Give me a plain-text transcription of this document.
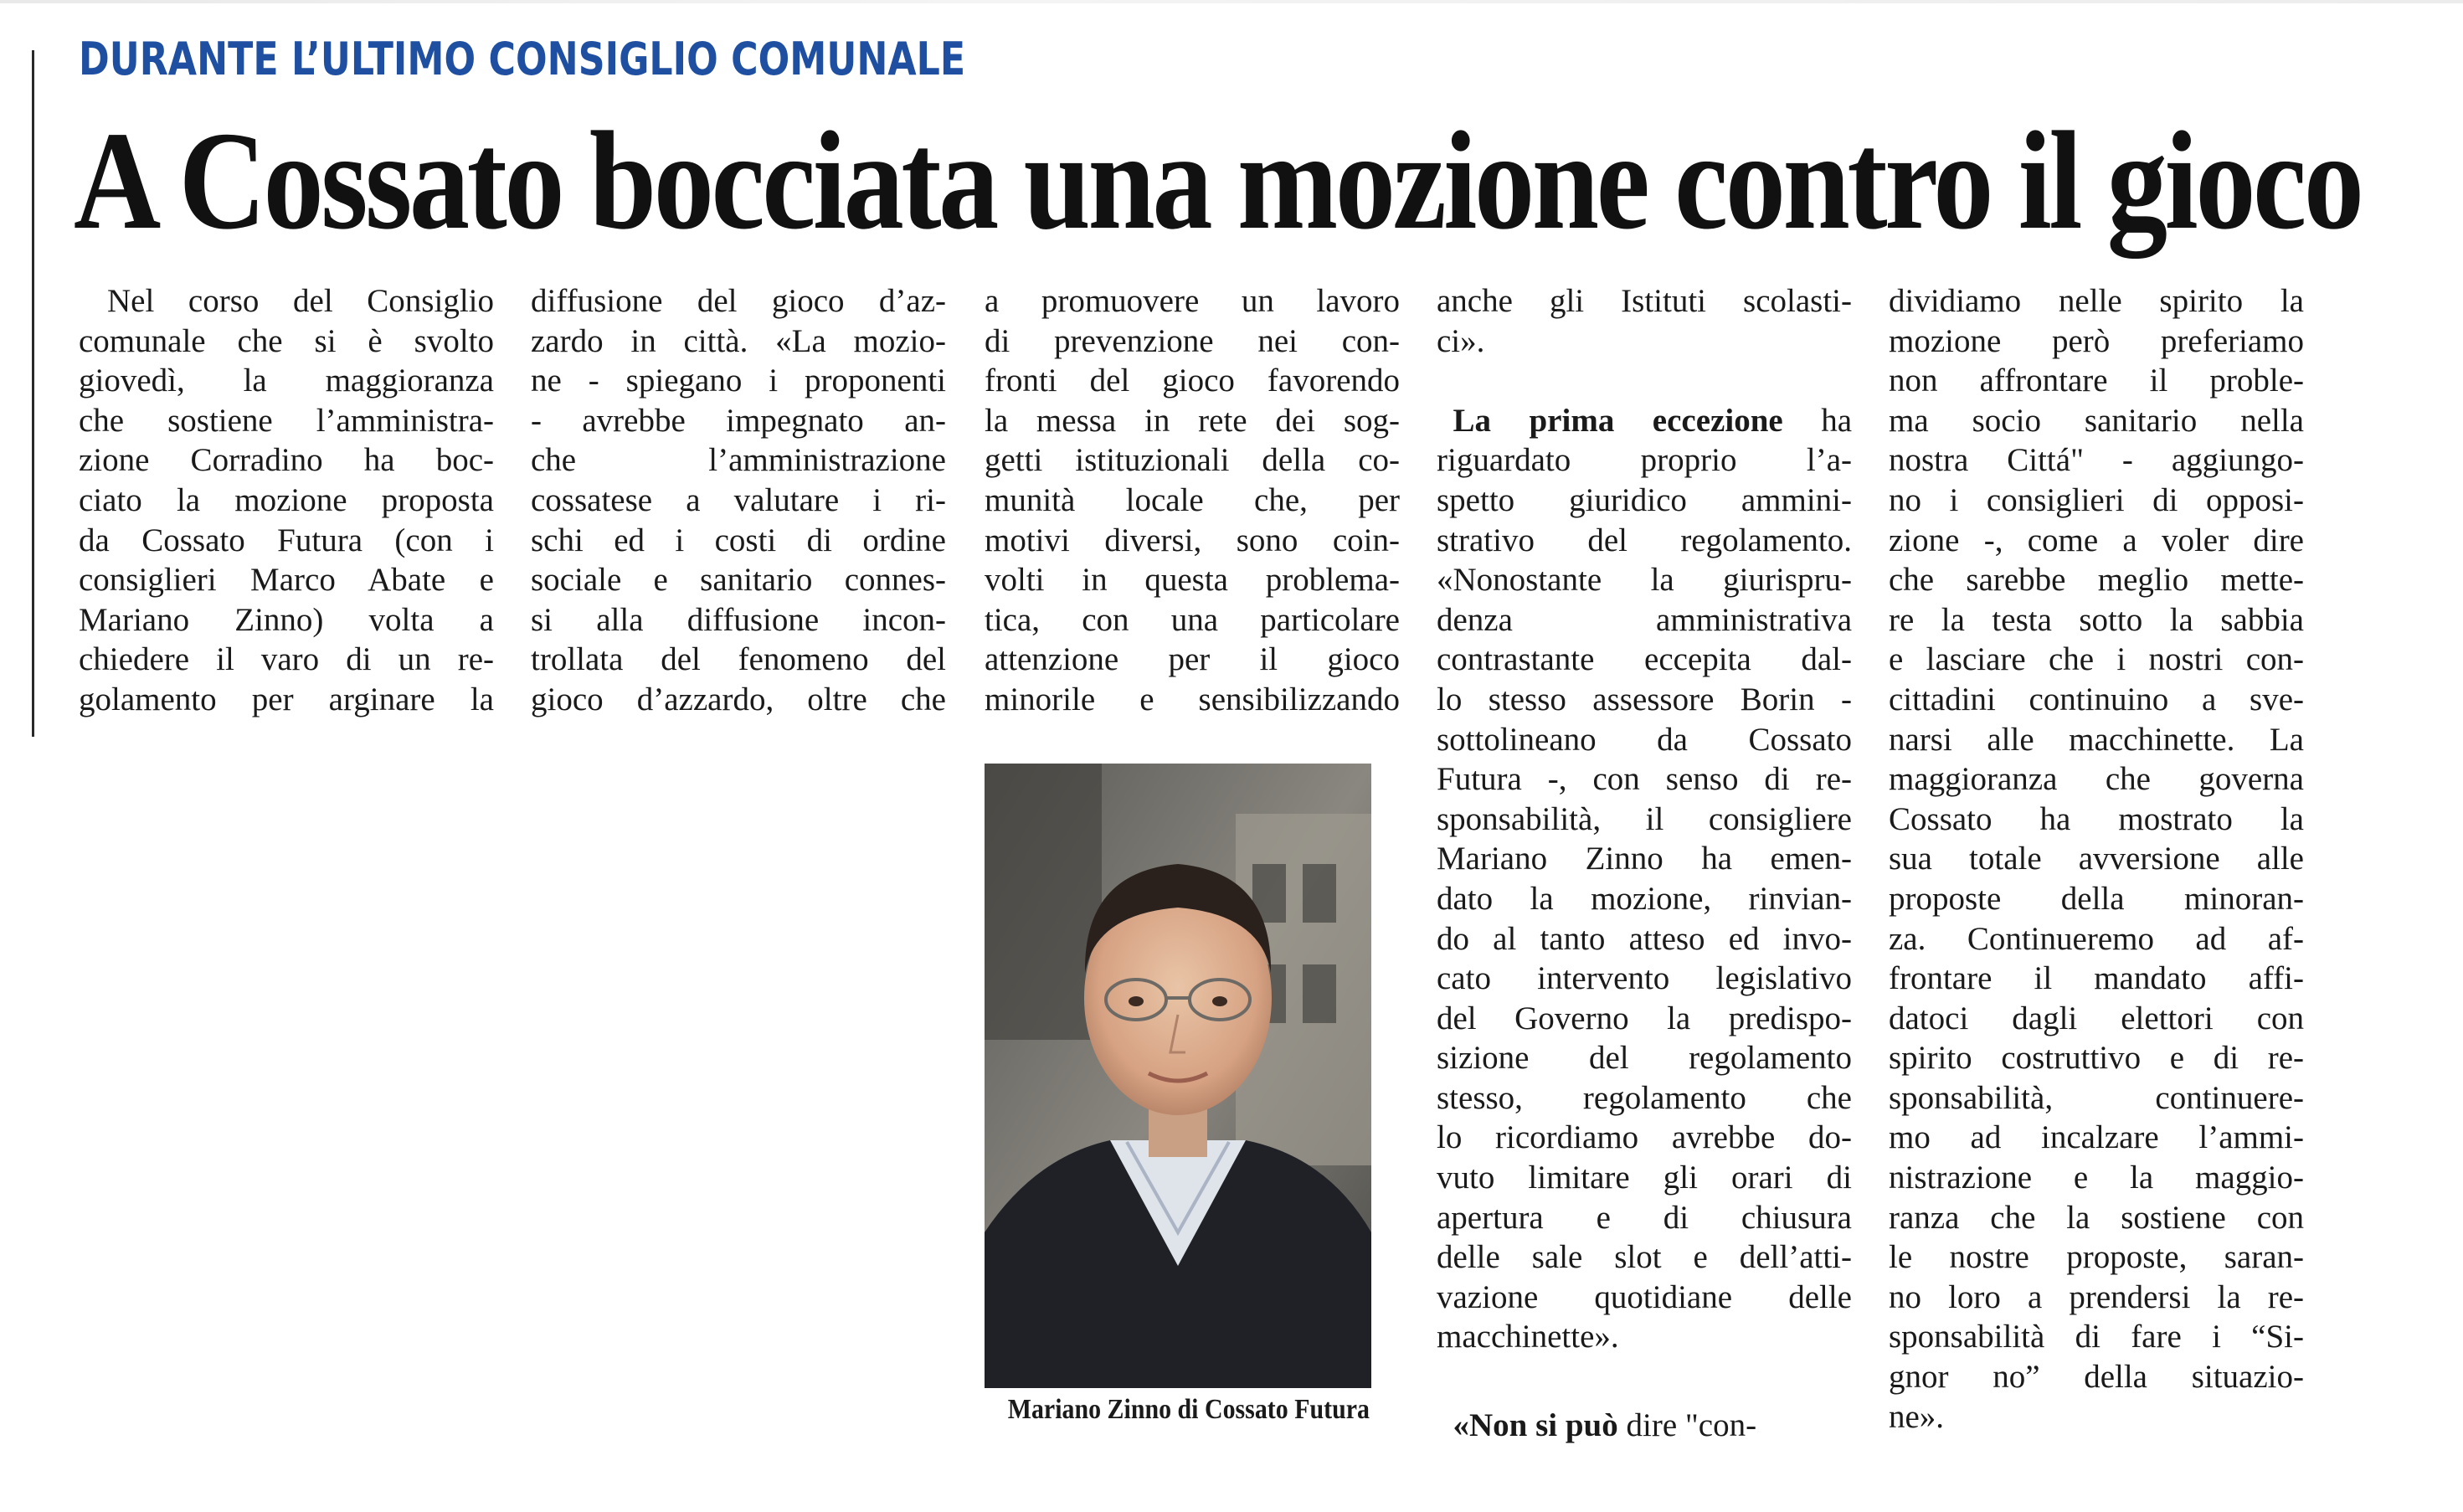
DURANTE L’ULTIMO CONSIGLIO COMUNALE
A Cossato bocciata una mozione contro il gioco

Nel corso del Consiglio

comunale che si è svolto

giovedì, la maggioranza

che sostiene l’amministra-

zione Corradino ha boc-

ciato la mozione proposta

da Cossato Futura (con i

consiglieri Marco Abate e

Mariano Zinno) volta a

chiedere il varo di un re-

golamento per arginare la

diffusione del gioco d’az-

zardo in città. «La mozio-

ne - spiegano i proponenti

- avrebbe impegnato an-

che l’amministrazione

cossatese a valutare i ri-

schi ed i costi di ordine

sociale e sanitario connes-

si alla diffusione incon-

trollata del fenomeno del

gioco d’azzardo, oltre che

a promuovere un lavoro

di prevenzione nei con-

fronti del gioco favorendo

la messa in rete dei sog-

getti istituzionali della co-

munità locale che, per

motivi diversi, sono coin-

volti in questa problema-

tica, con una particolare

attenzione per il gioco

minorile e sensibilizzando

Mariano Zinno di Cossato Futura

anche gli Istituti scolasti-

ci».

​ La prima eccezione ha

riguardato proprio l’a-

spetto giuridico ammini-

strativo del regolamento.

«Nonostante la giurispru-

denza amministrativa

contrastante eccepita dal-

lo stesso assessore Borin -

sottolineano da Cossato

Futura -, con senso di re-

sponsabilità, il consigliere

Mariano Zinno ha emen-

dato la mozione, rinvian-

do al tanto atteso ed invo-

cato intervento legislativo

del Governo la predispo-

sizione del regolamento

stesso, regolamento che

lo ricordiamo avrebbe do-

vuto limitare gli orari di

apertura e di chiusura

delle sale slot e dell’atti-

vazione quotidiane delle

macchinette».

 «Non si può dire "con-

dividiamo nelle spirito la

mozione però preferiamo

non affrontare il proble-

ma socio sanitario nella

nostra Cittá" - aggiungo-

no i consiglieri di opposi-

zione -, come a voler dire

che sarebbe meglio mette-

re la testa sotto la sabbia

e lasciare che i nostri con-

cittadini continuino a sve-

narsi alle macchinette. La

maggioranza che governa

Cossato ha mostrato la

sua totale avversione alle

proposte della minoran-

za. Continueremo ad af-

frontare il mandato affi-

datoci dagli elettori con

spirito costruttivo e di re-

sponsabilità, continuere-

mo ad incalzare l’ammi-

nistrazione e la maggio-

ranza che la sostiene con

le nostre proposte, saran-

no loro a prendersi la re-

sponsabilità di fare i “Si-

gnor no” della situazio-

ne».
